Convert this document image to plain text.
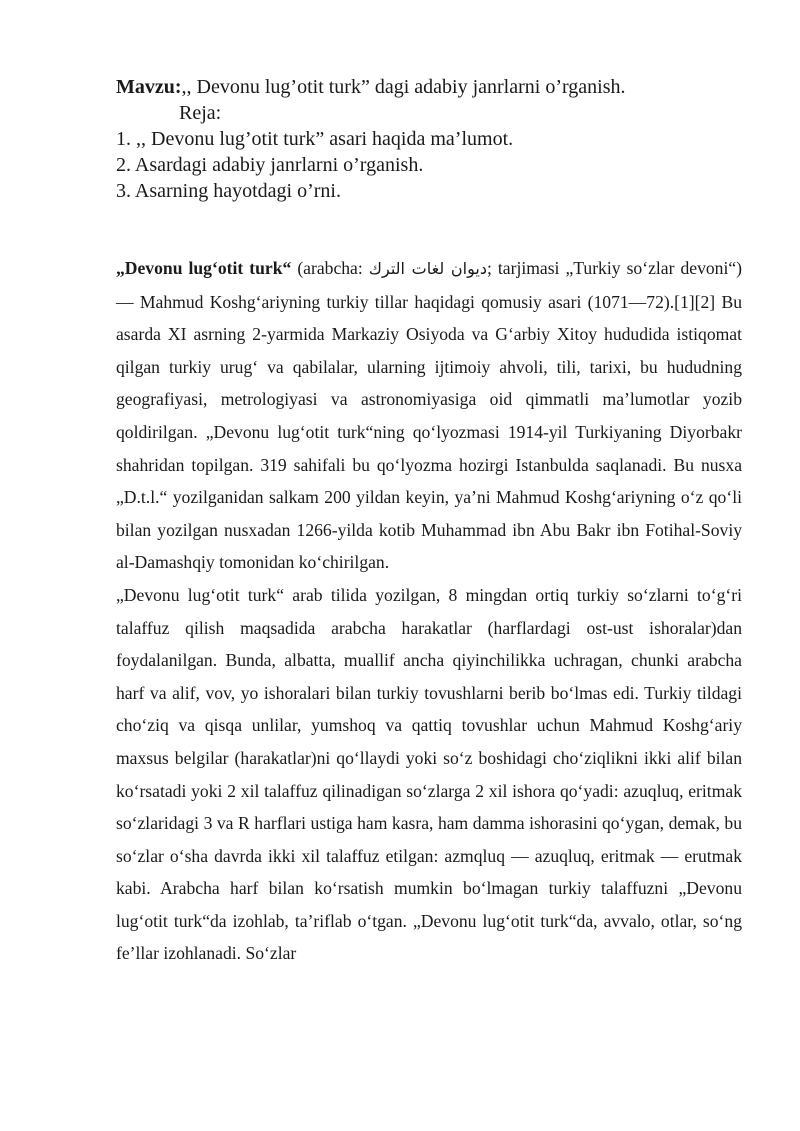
Mavzu:,, Devonu lug’otit turk” dagi adabiy janrlarni o’rganish.
Reja:
1. ,, Devonu lug’otit turk” asari haqida ma’lumot.
2. Asardagi adabiy janrlarni o’rganish.
3. Asarning hayotdagi o’rni.

„Devonu lug‘otit turk“ (arabcha: ديوان لغات الترك; tarjimasi „Turkiy so‘zlar devoni“) — Mahmud Koshg‘ariyning turkiy tillar haqidagi qomusiy asari (1071—72).[1][2] Bu asarda XI asrning 2-yarmida Markaziy Osiyoda va G‘arbiy Xitoy hududida istiqomat qilgan turkiy urug‘ va qabilalar, ularning ijtimoiy ahvoli, tili, tarixi, bu hududning geografiyasi, metrologiyasi va astronomiyasiga oid qimmatli ma’lumotlar yozib qoldirilgan. „Devonu lug‘otit turk“ning qo‘lyozmasi 1914-yil Turkiyaning Diyorbakr shahridan topilgan. 319 sahifali bu qo‘lyozma hozirgi Istanbulda saqlanadi. Bu nusxa „D.t.l.“ yozilganidan salkam 200 yildan keyin, ya’ni Mahmud Koshg‘ariyning o‘z qo‘li bilan yozilgan nusxadan 1266-yilda kotib Muhammad ibn Abu Bakr ibn Fotihal-Soviy al-Damashqiy tomonidan ko‘chirilgan.

„Devonu lug‘otit turk“ arab tilida yozilgan, 8 mingdan ortiq turkiy so‘zlarni to‘g‘ri talaffuz qilish maqsadida arabcha harakatlar (harflardagi ost-ust ishoralar)dan foydalanilgan. Bunda, albatta, muallif ancha qiyinchilikka uchragan, chunki arabcha harf va alif, vov, yo ishoralari bilan turkiy tovushlarni berib bo‘lmas edi. Turkiy tildagi cho‘ziq va qisqa unlilar, yumshoq va qattiq tovushlar uchun Mahmud Koshg‘ariy maxsus belgilar (harakatlar)ni qo‘llaydi yoki so‘z boshidagi cho‘ziqlikni ikki alif bilan ko‘rsatadi yoki 2 xil talaffuz qilinadigan so‘zlarga 2 xil ishora qo‘yadi: azuqluq, eritmak so‘zlaridagi 3 va R harflari ustiga ham kasra, ham damma ishorasini qo‘ygan, demak, bu so‘zlar o‘sha davrda ikki xil talaffuz etilgan: azmqluq — azuqluq, eritmak — erutmak kabi. Arabcha harf bilan ko‘rsatish mumkin bo‘lmagan turkiy talaffuzni „Devonu lug‘otit turk“da izohlab, ta’riflab o‘tgan. „Devonu lug‘otit turk“da, avvalo, otlar, so‘ng fe’llar izohlanadi. So‘zlar
